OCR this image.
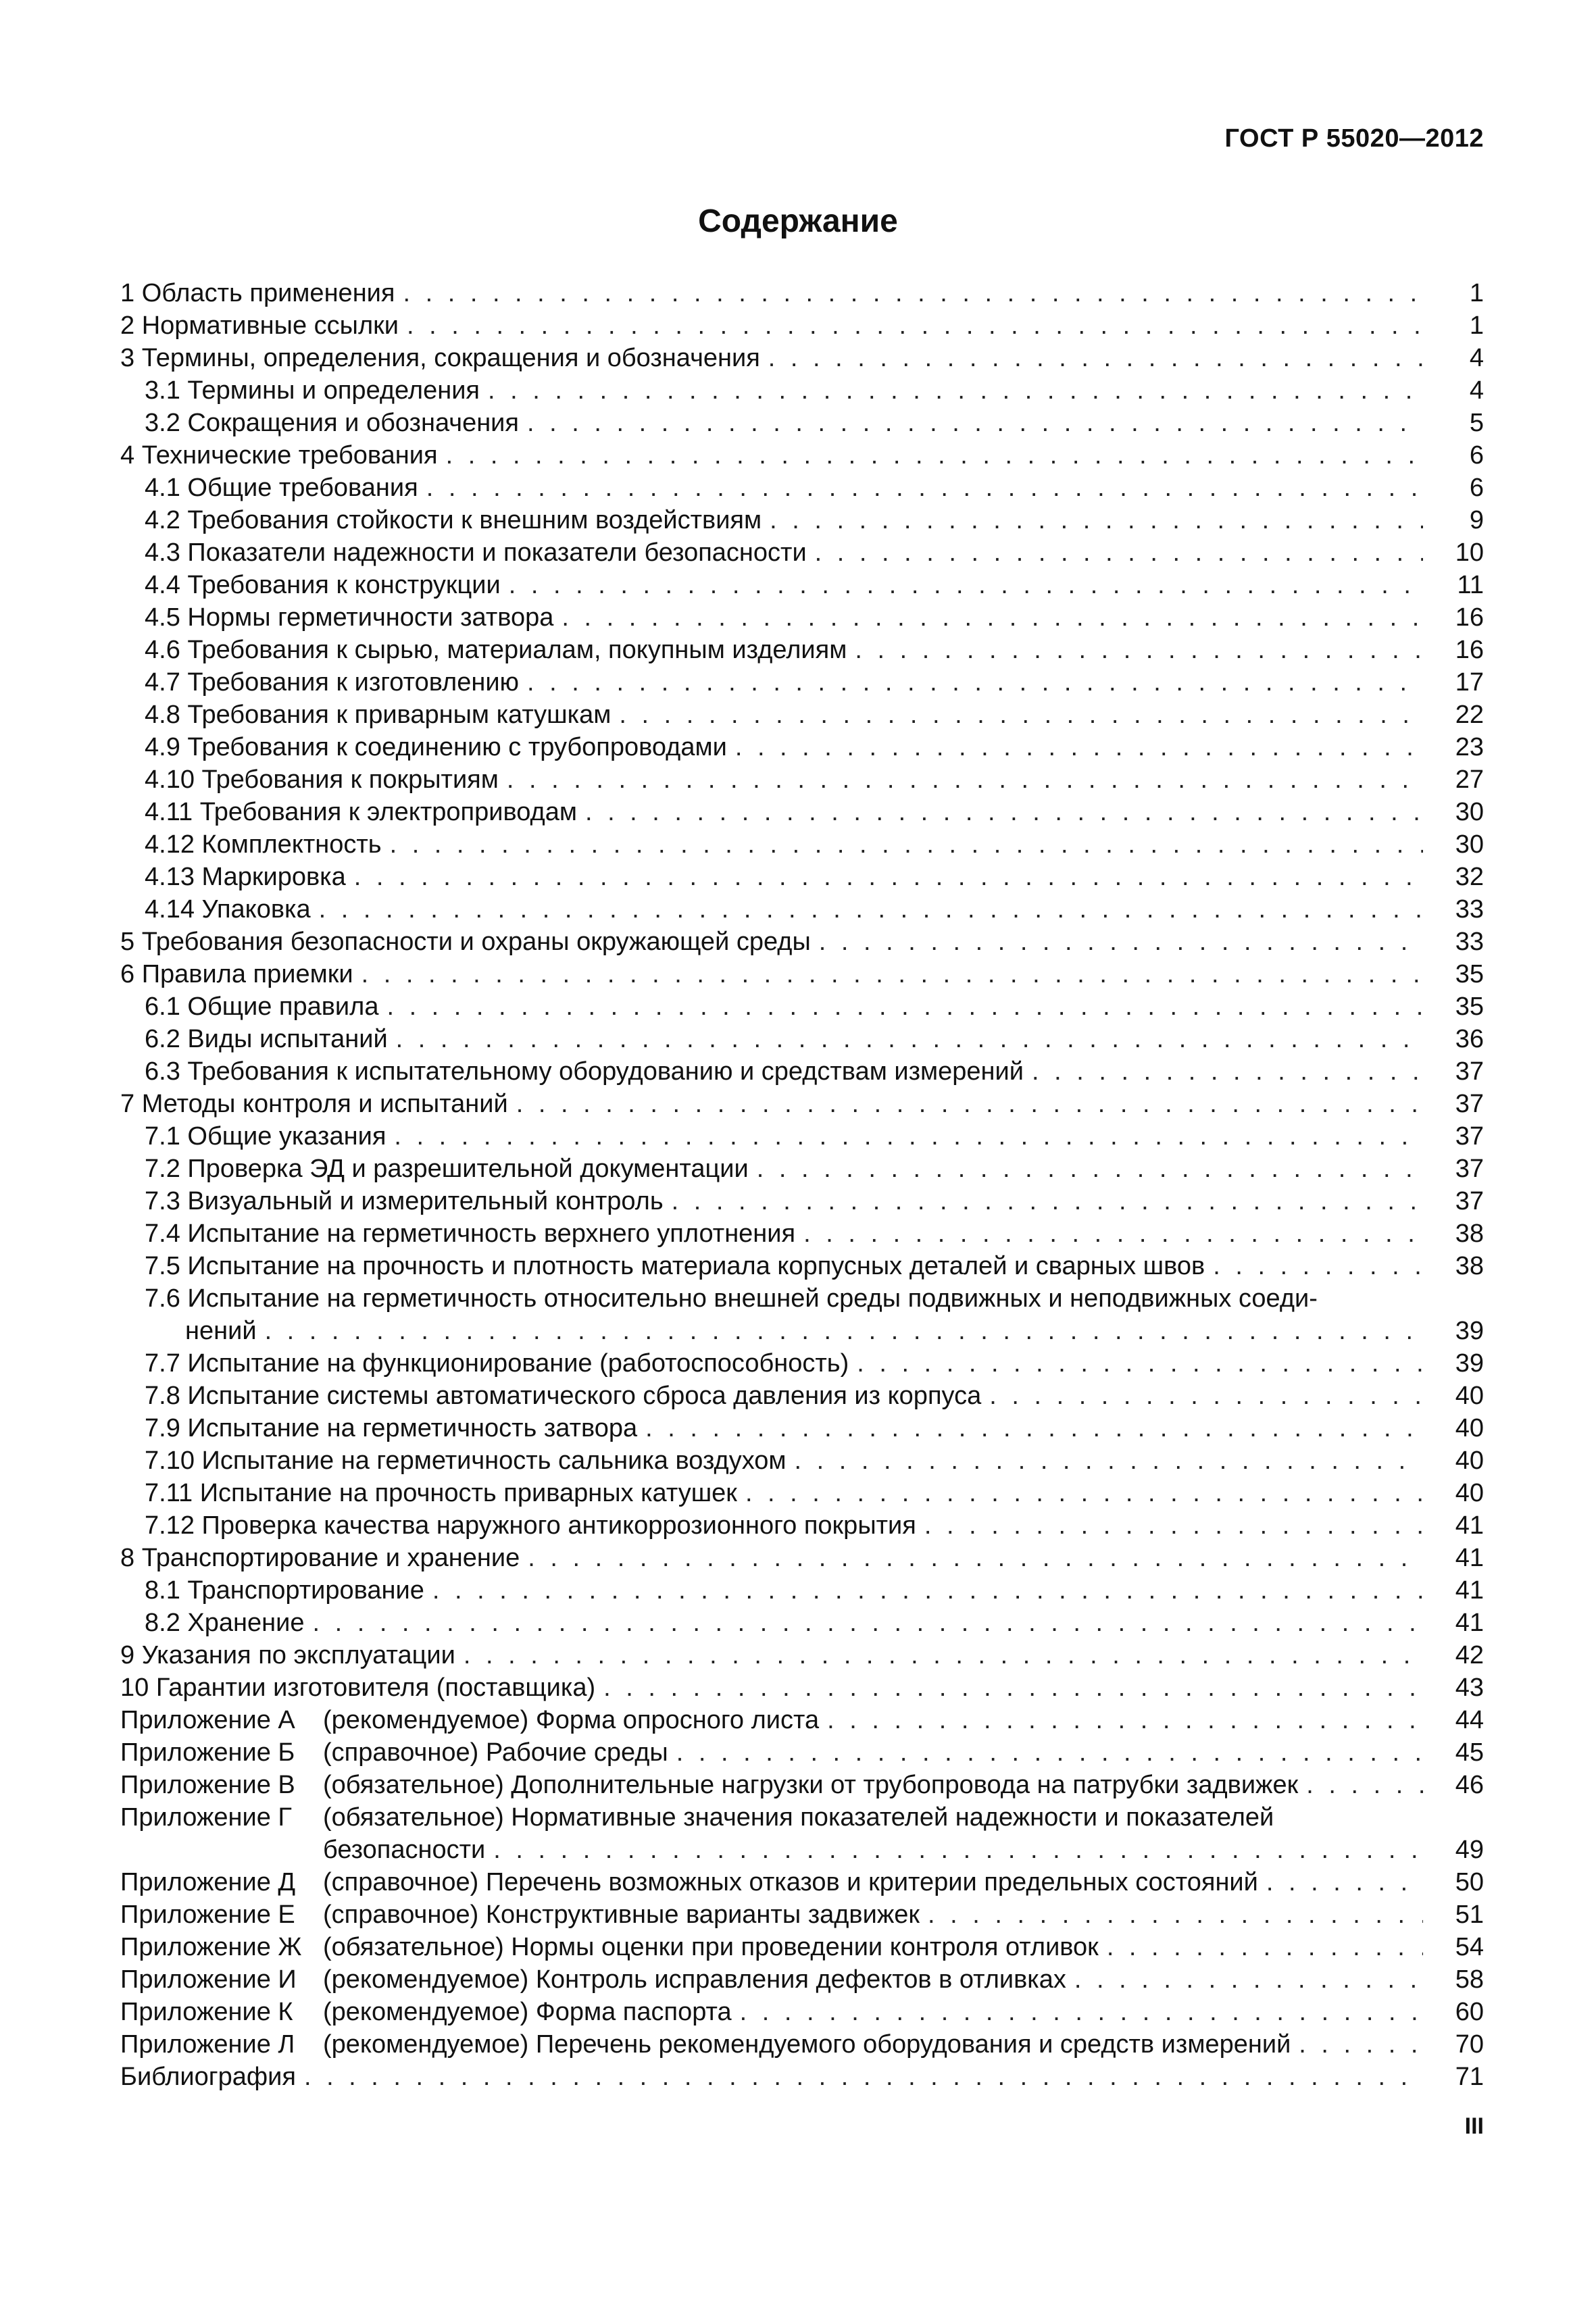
ГОСТ Р 55020—2012
Содержание
1 Область применения . . .	1
2 Нормативные ссылки . . .	1
3 Термины, определения, сокращения и обозначения . . .	4
3.1 Термины и определения . . .	4
3.2 Сокращения и обозначения . . .	5
4 Технические требования . . .	6
4.1 Общие требования . . .	6
4.2 Требования стойкости к внешним воздействиям . . .	9
4.3 Показатели надежности и показатели безопасности . . .	10
4.4 Требования к конструкции . . .	11
4.5 Нормы герметичности затвора . . .	16
4.6 Требования к сырью, материалам, покупным изделиям . . .	16
4.7 Требования к изготовлению . . .	17
4.8 Требования к приварным катушкам . . .	22
4.9 Требования к соединению с трубопроводами . . .	23
4.10 Требования к покрытиям . . .	27
4.11 Требования к электроприводам . . .	30
4.12 Комплектность . . .	30
4.13 Маркировка . . .	32
4.14 Упаковка . . .	33
5 Требования безопасности и охраны окружающей среды . . .	33
6 Правила приемки . . .	35
6.1 Общие правила . . .	35
6.2 Виды испытаний . . .	36
6.3 Требования к испытательному оборудованию и средствам измерений . . .	37
7 Методы контроля и испытаний . . .	37
7.1 Общие указания . . .	37
7.2 Проверка ЭД и разрешительной документации . . .	37
7.3 Визуальный и измерительный контроль . . .	37
7.4 Испытание на герметичность верхнего уплотнения . . .	38
7.5 Испытание на прочность и плотность материала корпусных деталей и сварных швов . . .	38
7.6 Испытание на герметичность относительно внешней среды подвижных и неподвижных соеди-
нений . . .	39
7.7 Испытание на функционирование (работоспособность) . . .	39
7.8 Испытание системы автоматического сброса давления из корпуса . . .	40
7.9 Испытание на герметичность затвора . . .	40
7.10 Испытание на герметичность сальника воздухом . . .	40
7.11 Испытание на прочность приварных катушек . . .	40
7.12 Проверка качества наружного антикоррозионного покрытия . . .	41
8 Транспортирование и хранение . . .	41
8.1 Транспортирование . . .	41
8.2 Хранение . . .	41
9 Указания по эксплуатации . . .	42
10 Гарантии изготовителя (поставщика) . . .	43
Приложение А (рекомендуемое) Форма опросного листа . . .	44
Приложение Б (справочное) Рабочие среды . . .	45
Приложение В (обязательное) Дополнительные нагрузки от трубопровода на патрубки задвижек . . .	46
Приложение Г (обязательное) Нормативные значения показателей надежности и показателей
безопасности . . .	49
Приложение Д (справочное) Перечень возможных отказов и критерии предельных состояний . . .	50
Приложение Е (справочное) Конструктивные варианты задвижек . . .	51
Приложение Ж (обязательное) Нормы оценки при проведении контроля отливок . . .	54
Приложение И (рекомендуемое) Контроль исправления дефектов в отливках . . .	58
Приложение К (рекомендуемое) Форма паспорта . . .	60
Приложение Л (рекомендуемое) Перечень рекомендуемого оборудования и средств измерений . . .	70
Библиография . . .	71
III
